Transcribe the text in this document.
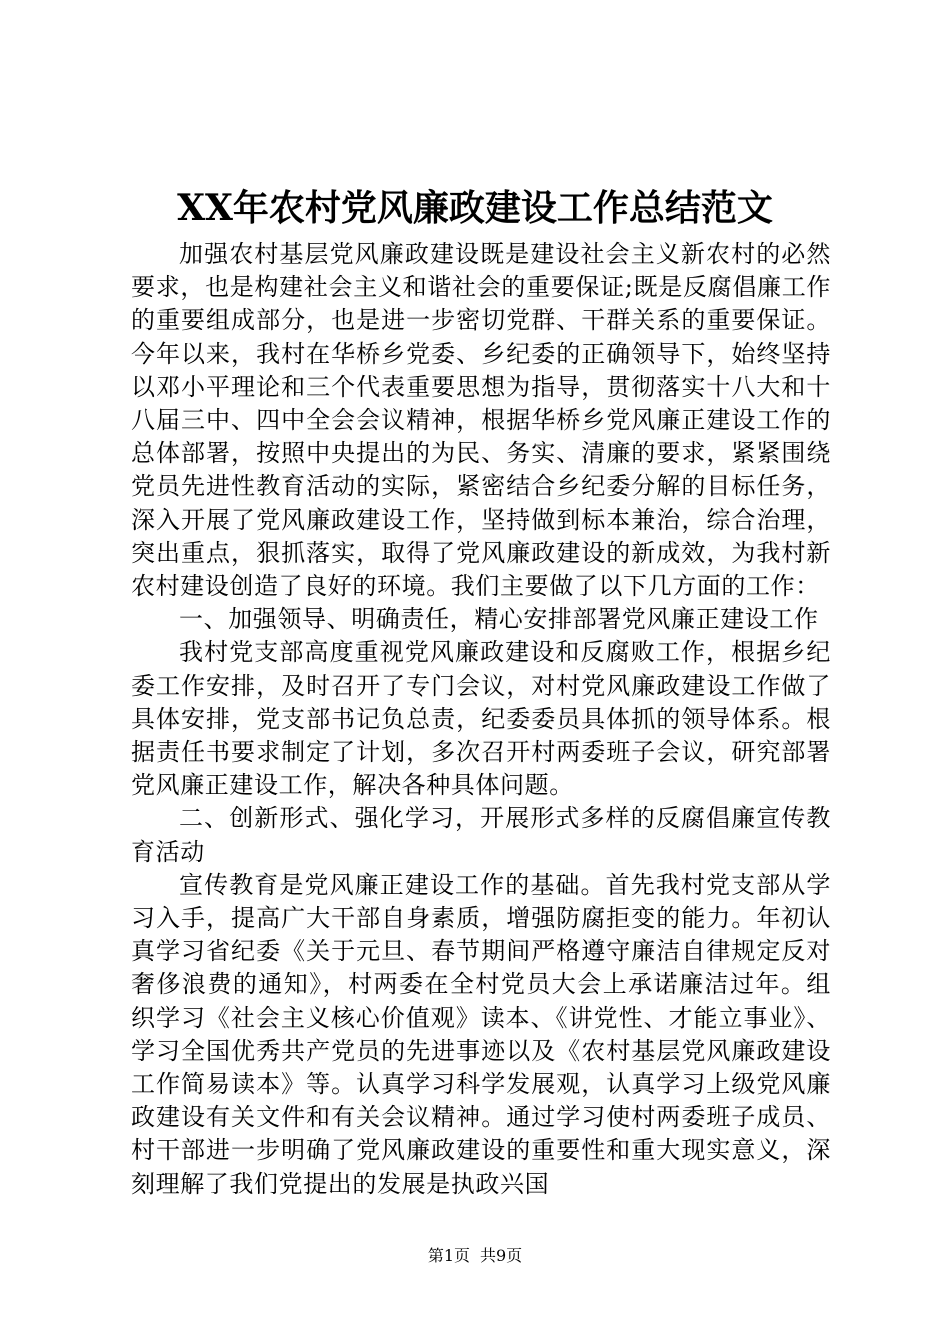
XX年农村党风廉政建设工作总结范文

加强农村基层党风廉政建设既是建设社会主义新农村的必然要求，也是构建社会主义和谐社会的重要保证;既是反腐倡廉工作的重要组成部分，也是进一步密切党群、干群关系的重要保证。今年以来，我村在华桥乡党委、乡纪委的正确领导下，始终坚持以邓小平理论和三个代表重要思想为指导，贯彻落实十八大和十八届三中、四中全会会议精神，根据华桥乡党风廉正建设工作的总体部署，按照中央提出的为民、务实、清廉的要求，紧紧围绕党员先进性教育活动的实际，紧密结合乡纪委分解的目标任务，深入开展了党风廉政建设工作，坚持做到标本兼治，综合治理，突出重点，狠抓落实，取得了党风廉政建设的新成效，为我村新农村建设创造了良好的环境。我们主要做了以下几方面的工作：

一、加强领导、明确责任，精心安排部署党风廉正建设工作

我村党支部高度重视党风廉政建设和反腐败工作，根据乡纪委工作安排，及时召开了专门会议，对村党风廉政建设工作做了具体安排，党支部书记负总责，纪委委员具体抓的领导体系。根据责任书要求制定了计划，多次召开村两委班子会议，研究部署党风廉正建设工作，解决各种具体问题。

二、创新形式、强化学习，开展形式多样的反腐倡廉宣传教育活动

宣传教育是党风廉正建设工作的基础。首先我村党支部从学习入手，提高广大干部自身素质，增强防腐拒变的能力。年初认真学习省纪委《关于元旦、春节期间严格遵守廉洁自律规定反对奢侈浪费的通知》，村两委在全村党员大会上承诺廉洁过年。组织学习《社会主义核心价值观》读本、《讲党性、才能立事业》、学习全国优秀共产党员的先进事迹以及《农村基层党风廉政建设工作简易读本》等。认真学习科学发展观，认真学习上级党风廉政建设有关文件和有关会议精神。通过学习使村两委班子成员、村干部进一步明确了党风廉政建设的重要性和重大现实意义，深刻理解了我们党提出的发展是执政兴国

第1页 共9页
